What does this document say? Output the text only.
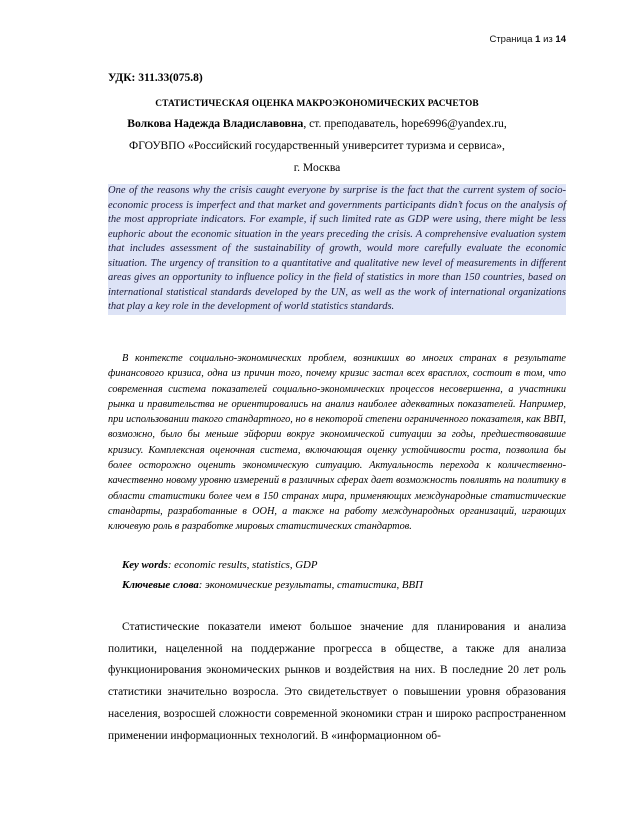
Страница 1 из 14
УДК: 311.33(075.8)
СТАТИСТИЧЕСКАЯ ОЦЕНКА МАКРОЭКОНОМИЧЕСКИХ РАСЧЕТОВ
Волкова Надежда Владиславовна, ст. преподаватель, hope6996@yandex.ru,
ФГОУВПО «Российский государственный университет туризма и сервиса»,
г. Москва

One of the reasons why the crisis caught everyone by surprise is the fact that the current system of socio-economic process is imperfect and that market and governments participants didn’t focus on the analysis of the most appropriate indicators. For example, if such limited rate as GDP were using, there might be less euphoric about the economic situation in the years preceding the crisis. A comprehensive evaluation system that includes assessment of the sustainability of growth, would more carefully evaluate the economic situation. The urgency of transition to a quantitative and qualitative new level of measurements in different areas gives an opportunity to influence policy in the field of statistics in more than 150 countries, based on international statistical standards developed by the UN, as well as the work of international organizations that play a key role in the development of world statistics standards.

В контексте социально-экономических проблем, возникших во многих странах в результате финансового кризиса, одна из причин того, почему кризис застал всех врасплох, состоит в том, что современная система показателей социально-экономических процессов несовершенна, а участники рынка и правительства не ориентировались на анализ наиболее адекватных показателей. Например, при использовании такого стандартного, но в некоторой степени ограниченного показателя, как ВВП, возможно, было бы меньше эйфории вокруг экономической ситуации за годы, предшествовавшие кризису. Комплексная оценочная система, включающая оценку устойчивости роста, позволила бы более осторожно оценить экономическую ситуацию. Актуальность перехода к количественно-качественно новому уровню измерений в различных сферах дает возможность повлиять на политику в области статистики более чем в 150 странах мира, применяющих международные статистические стандарты, разработанные в ООН, а также на работу международных организаций, играющих ключевую роль в разработке мировых статистических стандартов.

Key words: economic results, statistics, GDP
Ключевые слова: экономические результаты, статистика, ВВП

Статистические показатели имеют большое значение для планирования и анализа политики, нацеленной на поддержание прогресса в обществе, а также для анализа функционирования экономических рынков и воздействия на них. В последние 20 лет роль статистики значительно возросла. Это свидетельствует о повышении уровня образования населения, возросшей сложности современной экономики стран и широко распространенном применении информационных технологий. В «информационном об-
